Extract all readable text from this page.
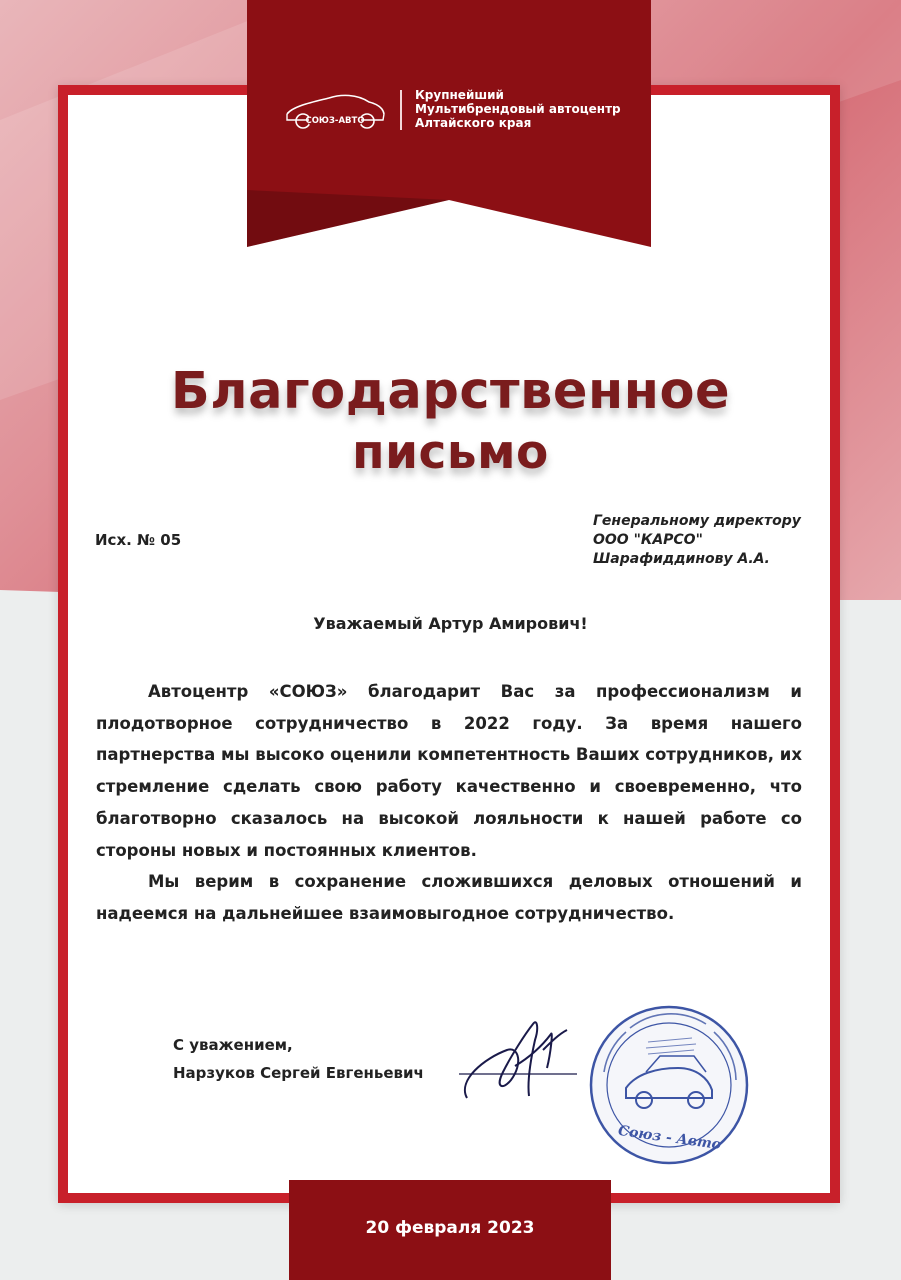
СОЮЗ-АВТО
Крупнейший
Мультибрендовый автоцентр
Алтайского края
Благодарственное
письмо
Исх. № 05
Генеральному директору
ООО "КАРСО"
Шарафиддинову А.А.
Уважаемый Артур Амирович!

Автоцентр «СОЮЗ» благодарит Вас за профессионализм и плодотворное сотрудничество в 2022 году. За время нашего партнерства мы высоко оценили компетентность Ваших сотрудников, их стремление сделать свою работу качественно и своевременно, что благотворно сказалось на высокой лояльности к нашей работе со стороны новых и постоянных клиентов.

Мы верим в сохранение сложившихся деловых отношений и надеемся на дальнейшее взаимовыгодное сотрудничество.

С уважением,
Нарзуков Сергей Евгеньевич
Союз - Авто
20 февраля 2023
